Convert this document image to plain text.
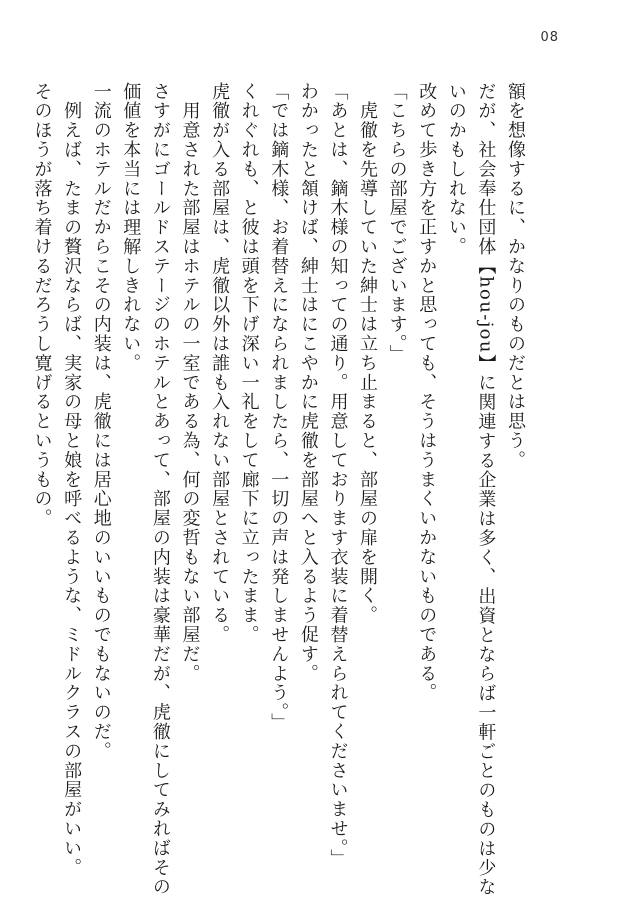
08

額を想像するに、かなりのものだとは思う。

だが、社会奉仕団体【hou-jou】に関連する企業は多く、出資とならば一軒ごとのものは少な

いのかもしれない。

改めて歩き方を正すかと思っても、そうはうまくいかないものである。

「こちらの部屋でございます。」

　虎徹を先導していた紳士は立ち止まると、部屋の扉を開く。

「あとは、鏑木様の知っての通り。用意しております衣装に着替えられてくださいませ。」

わかったと頷けば、紳士はにこやかに虎徹を部屋へと入るよう促す。

「では鏑木様、お着替えになられましたら、一切の声は発しませんよう。」

くれぐれも、と彼は頭を下げ深い一礼をして廊下に立ったまま。

虎徹が入る部屋は、虎徹以外は誰も入れない部屋とされている。

　用意された部屋はホテルの一室である為、何の変哲もない部屋だ。

さすがにゴールドステージのホテルとあって、部屋の内装は豪華だが、虎徹にしてみればその

価値を本当には理解しきれない。

一流のホテルだからこその内装は、虎徹には居心地のいいものでもないのだ。

　例えば、たまの贅沢ならば、実家の母と娘を呼べるような、ミドルクラスの部屋がいい。

そのほうが落ち着けるだろうし寛げるというもの。
